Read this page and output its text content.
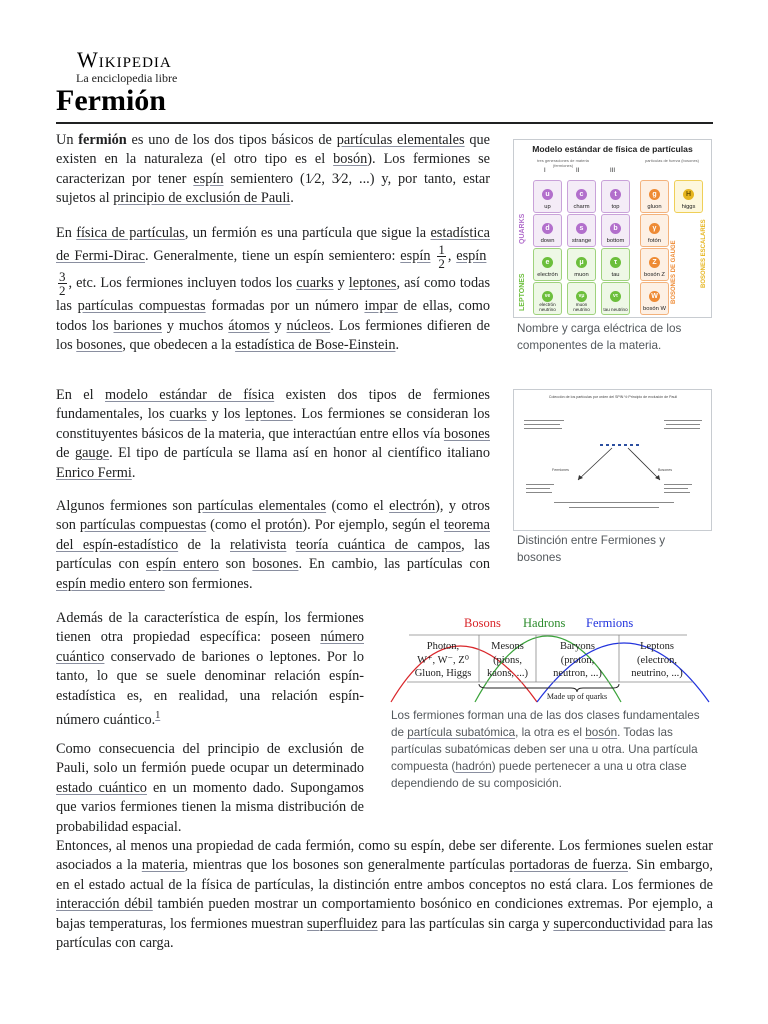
Wikipedia
La enciclopedia libre
Fermión

Un fermión es uno de los dos tipos básicos de partículas elementales que existen en la naturaleza (el otro tipo es el bosón). Los fermiones se caracterizan por tener espín semientero (1⁄2, 3⁄2, ...) y, por tanto, estar sujetos al principio de exclusión de Pauli.

En física de partículas, un fermión es una partícula que sigue la estadística de Fermi-Dirac. Generalmente, tiene un espín semientero: espín $\frac{1}{2}$ , espín
$\frac{3}{2}$ , etc. Los fermiones incluyen todos los cuarks y leptones, así como todas las partículas compuestas formadas por un número impar de ellas, como todos los bariones y muchos átomos y núcleos. Los fermiones difieren de los bosones, que obedecen a la estadística de Bose-Einstein.

En el modelo estándar de física existen dos tipos de fermiones fundamentales, los cuarks y los leptones. Los fermiones se consideran los constituyentes básicos de la materia, que interactúan entre ellos vía bosones de gauge. El tipo de partícula se llama así en honor al científico italiano Enrico Fermi.

Algunos fermiones son partículas elementales (como el electrón), y otros son partículas compuestas (como el protón). Por ejemplo, según el teorema del espín-estadístico de la relativista teoría cuántica de campos, las partículas con espín entero son bosones. En cambio, las partículas con espín medio entero son fermiones.

Además de la característica de espín, los fermiones tienen otra propiedad específica: poseen número cuántico conservado de bariones o leptones. Por lo tanto, lo que se suele denominar relación espín-estadística es, en realidad, una relación espín- número cuántico.$^1$

Como consecuencia del principio de exclusión de Pauli, solo un fermión puede ocupar un determinado estado cuántico en un momento dado. Supongamos que varios fermiones tienen la misma distribución de probabilidad espacial.

Entonces, al menos una propiedad de cada fermión, como su espín, debe ser diferente. Los fermiones suelen estar asociados a la materia, mientras que los bosones son generalmente partículas portadoras de fuerza. Sin embargo, en el estado actual de la física de partículas, la distinción entre ambos conceptos no está clara. Los fermiones de interacción débil también pueden mostrar un comportamiento bosónico en condiciones extremas. Por ejemplo, a bajas temperaturas, los fermiones muestran superfluidez para las partículas sin carga y superconductividad para las partículas con carga.

Modelo estándar de física de partículas
tres generaciones de materia (fermiones)
partículas de fuerza (bosones)
I	II	III
u
up
c
charm
t
top
g
gluon
H
higgs
d
down
s
strange
b
bottom
γ
fotón
e
electrón
μ
muon
τ
tau
Z
bosón Z
νe
electrón neutrino
νμ
muon neutrino
ντ
tau neutrino
W
bosón W
QUARKS
LEPTONES	BOSONES DE GAUGE	BOSONES ESCALARES
Nombre y carga eléctrica de los componentes de la materia.
Colección de los partículas por orden del SPIN ½ Principio de exclusión de Pauli
Fermiones	Bosones
Distinción entre Fermiones y bosones
Bosons Hadrons Fermions
Photon,
W⁺, W⁻, Z⁰
Gluon, Higgs
Mesons
(pions,
kaons, ...)
Baryons
(proton,
neutron, ...)
Leptons
(electron,
neutrino, ...)
Made up of quarks
Los fermiones forman una de las dos clases fundamentales de partícula subatómica, la otra es el bosón. Todas las partículas subatómicas deben ser una u otra. Una partícula compuesta (hadrón) puede pertenecer a una u otra clase dependiendo de su composición.
